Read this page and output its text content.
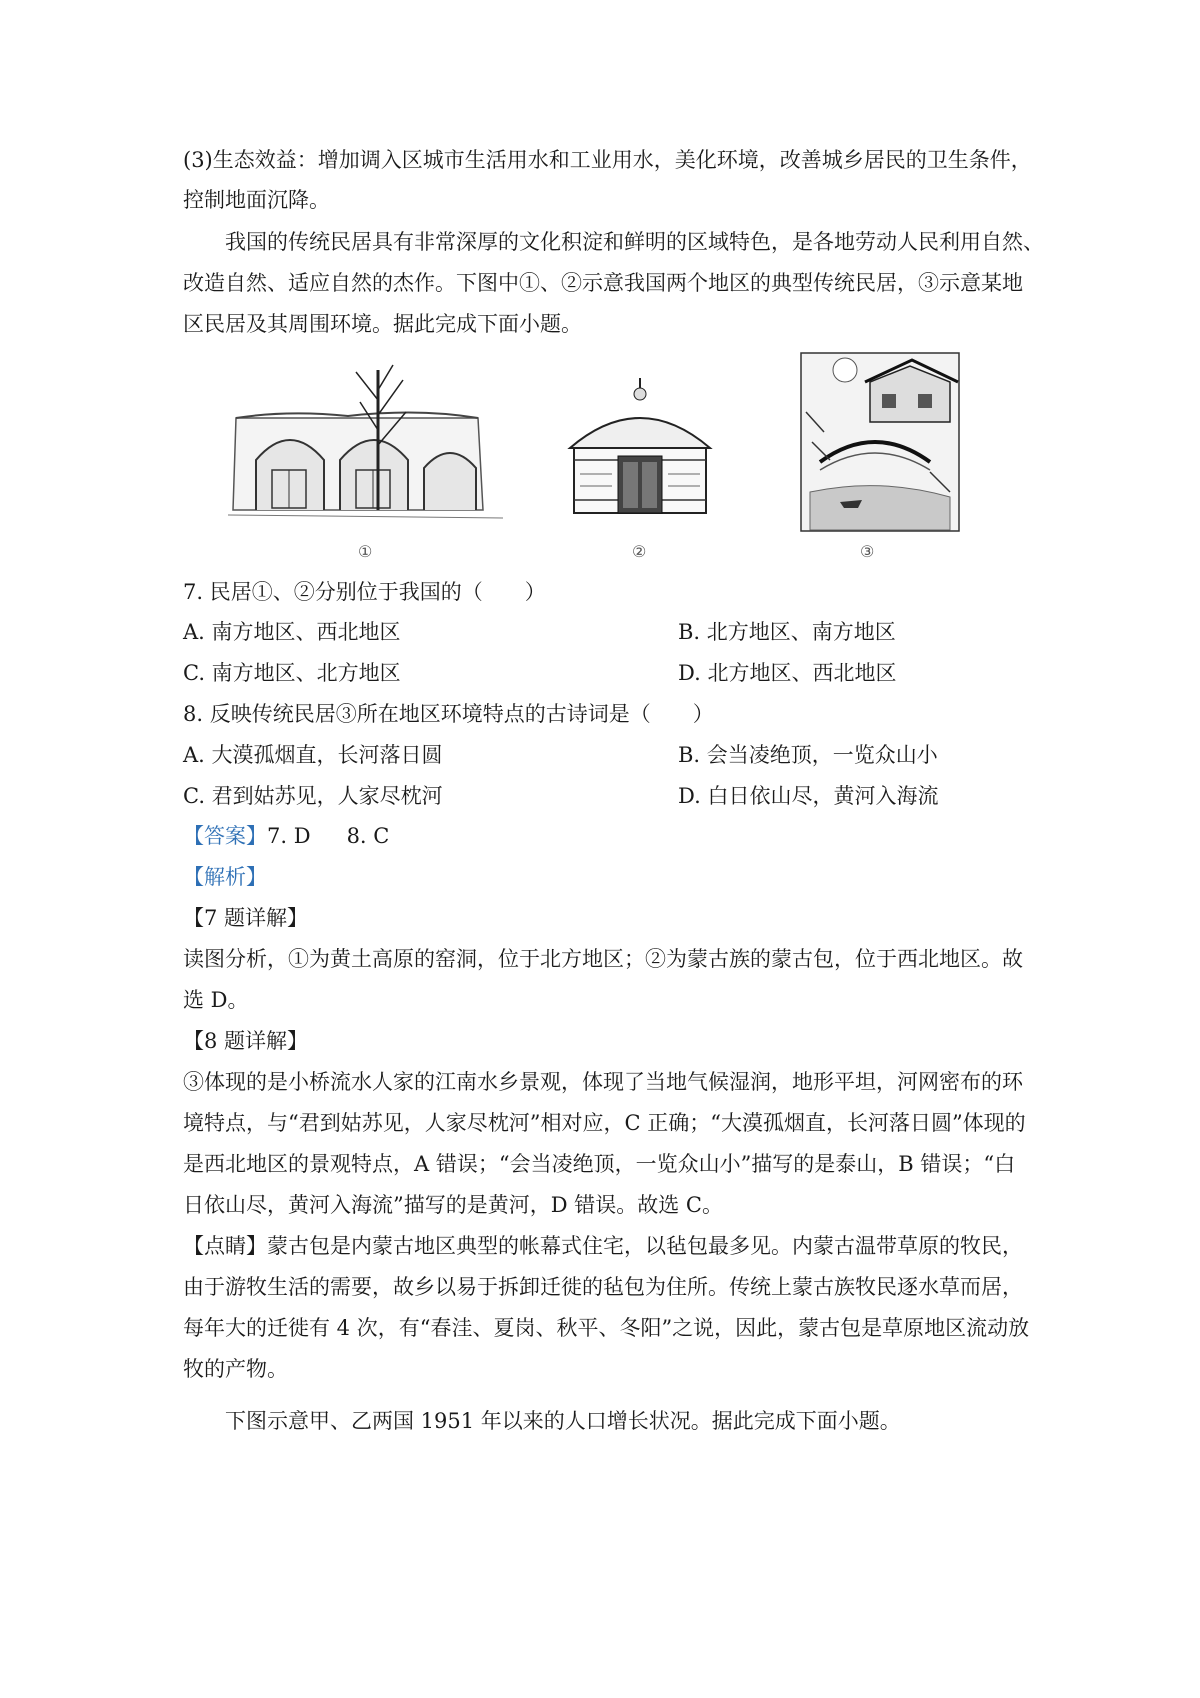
(3)生态效益：增加调入区城市生活用水和工业用水，美化环境，改善城乡居民的卫生条件，
控制地面沉降。
我国的传统民居具有非常深厚的文化积淀和鲜明的区域特色，是各地劳动人民利用自然、
改造自然、适应自然的杰作。下图中①、②示意我国两个地区的典型传统民居，③示意某地
区民居及其周围环境。据此完成下面小题。
①	②	③
7. 民居①、②分别位于我国的（　　）
A. 南方地区、西北地区	B. 北方地区、南方地区
C. 南方地区、北方地区	D. 北方地区、西北地区
8. 反映传统民居③所在地区环境特点的古诗词是（　　）
A. 大漠孤烟直，长河落日圆	B. 会当凌绝顶，一览众山小
C. 君到姑苏见，人家尽枕河	D. 白日依山尽，黄河入海流
【答案】7. D 8. C
【解析】
【7 题详解】
读图分析，①为黄土高原的窑洞，位于北方地区；②为蒙古族的蒙古包，位于西北地区。故
选 D。
【8 题详解】
③体现的是小桥流水人家的江南水乡景观，体现了当地气候湿润，地形平坦，河网密布的环
境特点，与“君到姑苏见，人家尽枕河”相对应，C 正确；“大漠孤烟直，长河落日圆”体现的
是西北地区的景观特点，A 错误；“会当凌绝顶，一览众山小”描写的是泰山，B 错误；“白
日依山尽，黄河入海流”描写的是黄河，D 错误。故选 C。
【点睛】蒙古包是内蒙古地区典型的帐幕式住宅，以毡包最多见。内蒙古温带草原的牧民，
由于游牧生活的需要，故乡以易于拆卸迁徙的毡包为住所。传统上蒙古族牧民逐水草而居，
每年大的迁徙有 4 次，有“春洼、夏岗、秋平、冬阳”之说，因此，蒙古包是草原地区流动放
牧的产物。
下图示意甲、乙两国 1951 年以来的人口增长状况。据此完成下面小题。
